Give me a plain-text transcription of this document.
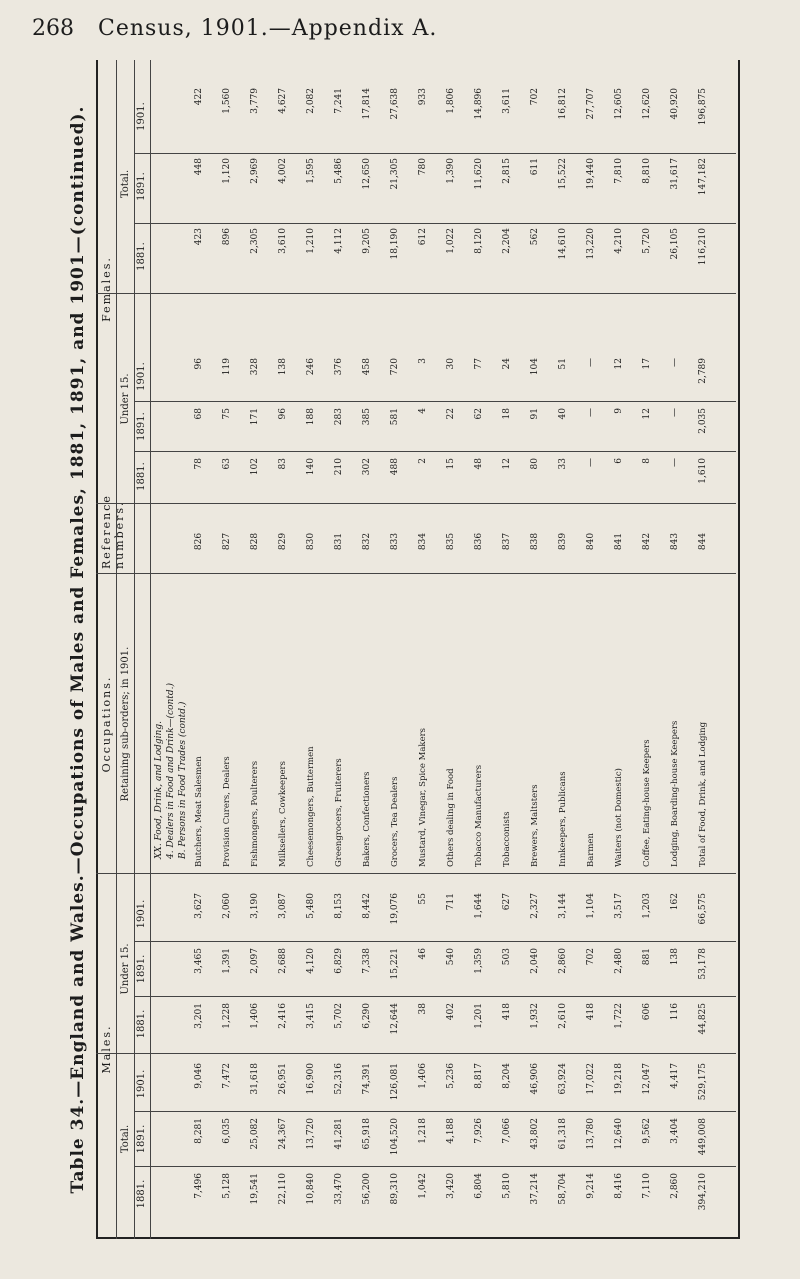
268 Census, 1901.—Appendix A.
Table 34.—England and Wales.—Occupations of Males and Females, 1881, 1891, and 1901—(continued). Males.
Occupations.
Reference numbers.
Females.
Total.
Under 15.
Retaining sub-orders; in 1901.
Under 15.
Total.
XX. Food, Drink, and Lodging. 4. Dealers in Food and Drink—(contd.) B. Persons in Food Trades (contd.)
1881.
1891.
1901.
1881.
1891.
1901.
1881.
1891.
1901.
1881.
1891.
1901.
Butchers, Meat Salesmen
826
7,496
8,281
9,046
3,201
3,465
3,627
78
68
96
423
448
422
Provision Curers, Dealers
827
5,128
6,035
7,472
1,228
1,391
2,060
63
75
119
896
1,120
1,560
Fishmongers, Poulterers
828
19,541
25,082
31,618
1,406
2,097
3,190
102
171
328
2,305
2,969
3,779
Milksellers, Cowkeepers
829
22,110
24,367
26,951
2,416
2,688
3,087
83
96
138
3,610
4,002
4,627
Cheesemongers, Buttermen
830
10,840
13,720
16,900
3,415
4,120
5,480
140
188
246
1,210
1,595
2,082
Greengrocers, Fruiterers
831
33,470
41,281
52,316
5,702
6,829
8,153
210
283
376
4,112
5,486
7,241
Bakers, Confectioners
832
56,200
65,918
74,391
6,290
7,338
8,442
302
385
458
9,205
12,650
17,814
Grocers, Tea Dealers
833
89,310
104,520
126,081
12,644
15,221
19,076
488
581
720
18,190
21,305
27,638
Mustard, Vinegar, Spice Makers
834
1,042
1,218
1,406
38
46
55
2
4
3
612
780
933
Others dealing in Food
835
3,420
4,188
5,236
402
540
711
15
22
30
1,022
1,390
1,806
Tobacco Manufacturers
836
6,804
7,926
8,817
1,201
1,359
1,644
48
62
77
8,120
11,620
14,896
Tobacconists
837
5,810
7,066
8,204
418
503
627
12
18
24
2,204
2,815
3,611
Brewers, Maltsters
838
37,214
43,802
46,906
1,932
2,040
2,327
80
91
104
562
611
702
Innkeepers, Publicans
839
58,704
61,318
63,924
2,610
2,860
3,144
33
40
51
14,610
15,522
16,812
Barmen
840
9,214
13,780
17,022
418
702
1,104
—
—
—
13,220
19,440
27,707
Waiters (not Domestic)
841
8,416
12,640
19,218
1,722
2,480
3,517
6
9
12
4,210
7,810
12,605
Coffee, Eating-house Keepers
842
7,110
9,562
12,047
606
881
1,203
8
12
17
5,720
8,810
12,620
Lodging, Boarding-house Keepers
843
2,860
3,404
4,417
116
138
162
—
—
—
26,105
31,617
40,920
Total of Food, Drink, and Lodging
844
394,210
449,008
529,175
44,825
53,178
66,575
1,610
2,035
2,789
116,210
147,182
196,875
